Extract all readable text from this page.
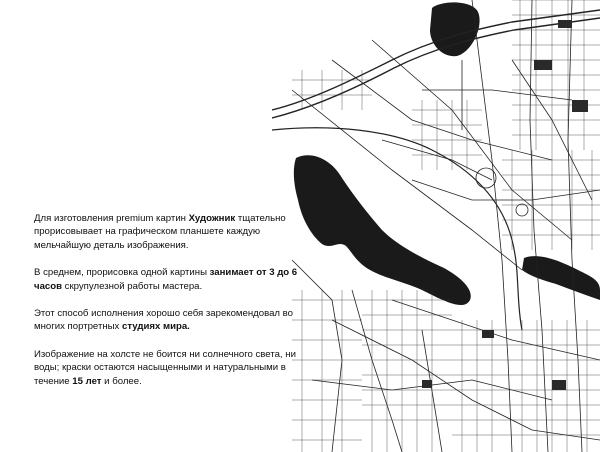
Для изготовления premium картин Художник тщательно прорисовывает на графическом планшете каждую мельчайшую деталь изображения.

В среднем, прорисовка одной картины занимает от 3 до 6 часов скрупулезной работы мастера.

Этот способ исполнения хорошо себя зарекомендовал во многих портретных студиях мира.

Изображение на холсте не боится ни солнечного света, ни воды; краски остаются насыщенными и натуральными в течение 15 лет и более.
